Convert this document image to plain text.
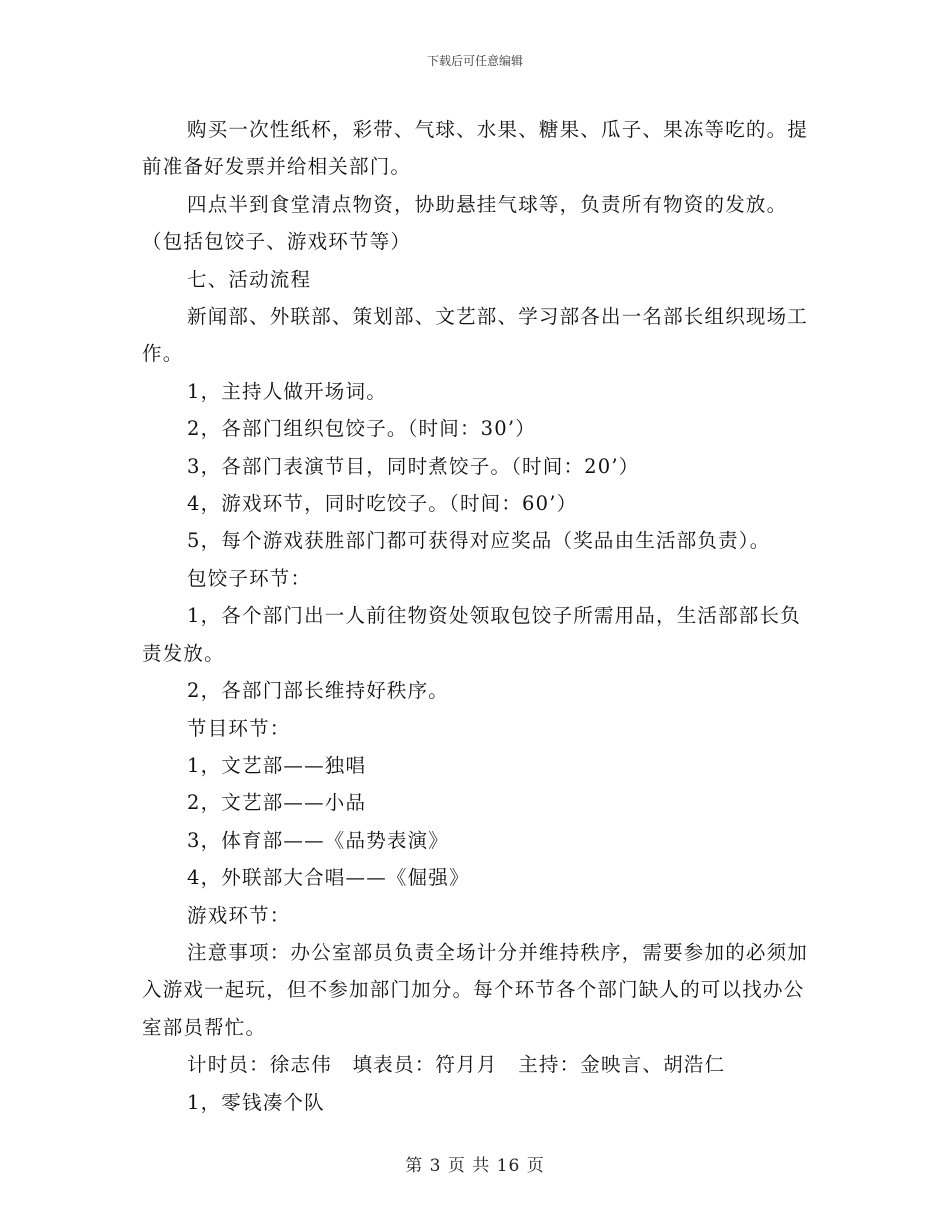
下载后可任意编辑

购买一次性纸杯，彩带、气球、水果、糖果、瓜子、果冻等吃的。提前准备好发票并给相关部门。

四点半到食堂清点物资，协助悬挂气球等，负责所有物资的发放。（包括包饺子、游戏环节等）

七、活动流程

新闻部、外联部、策划部、文艺部、学习部各出一名部长组织现场工作。

1，主持人做开场词。

2，各部门组织包饺子。（时间：30’）

3，各部门表演节目，同时煮饺子。（时间：20’）

4，游戏环节，同时吃饺子。（时间：60’）

5，每个游戏获胜部门都可获得对应奖品（奖品由生活部负责）。

包饺子环节：

1，各个部门出一人前往物资处领取包饺子所需用品，生活部部长负责发放。

2，各部门部长维持好秩序。

节目环节：

1，文艺部——独唱

2，文艺部——小品

3，体育部——《品势表演》

4，外联部大合唱——《倔强》

游戏环节：

注意事项：办公室部员负责全场计分并维持秩序，需要参加的必须加入游戏一起玩，但不参加部门加分。每个环节各个部门缺人的可以找办公室部员帮忙。

计时员：徐志伟　填表员：符月月　主持：金映言、胡浩仁

1，零钱凑个队

第 3 页 共 16 页
